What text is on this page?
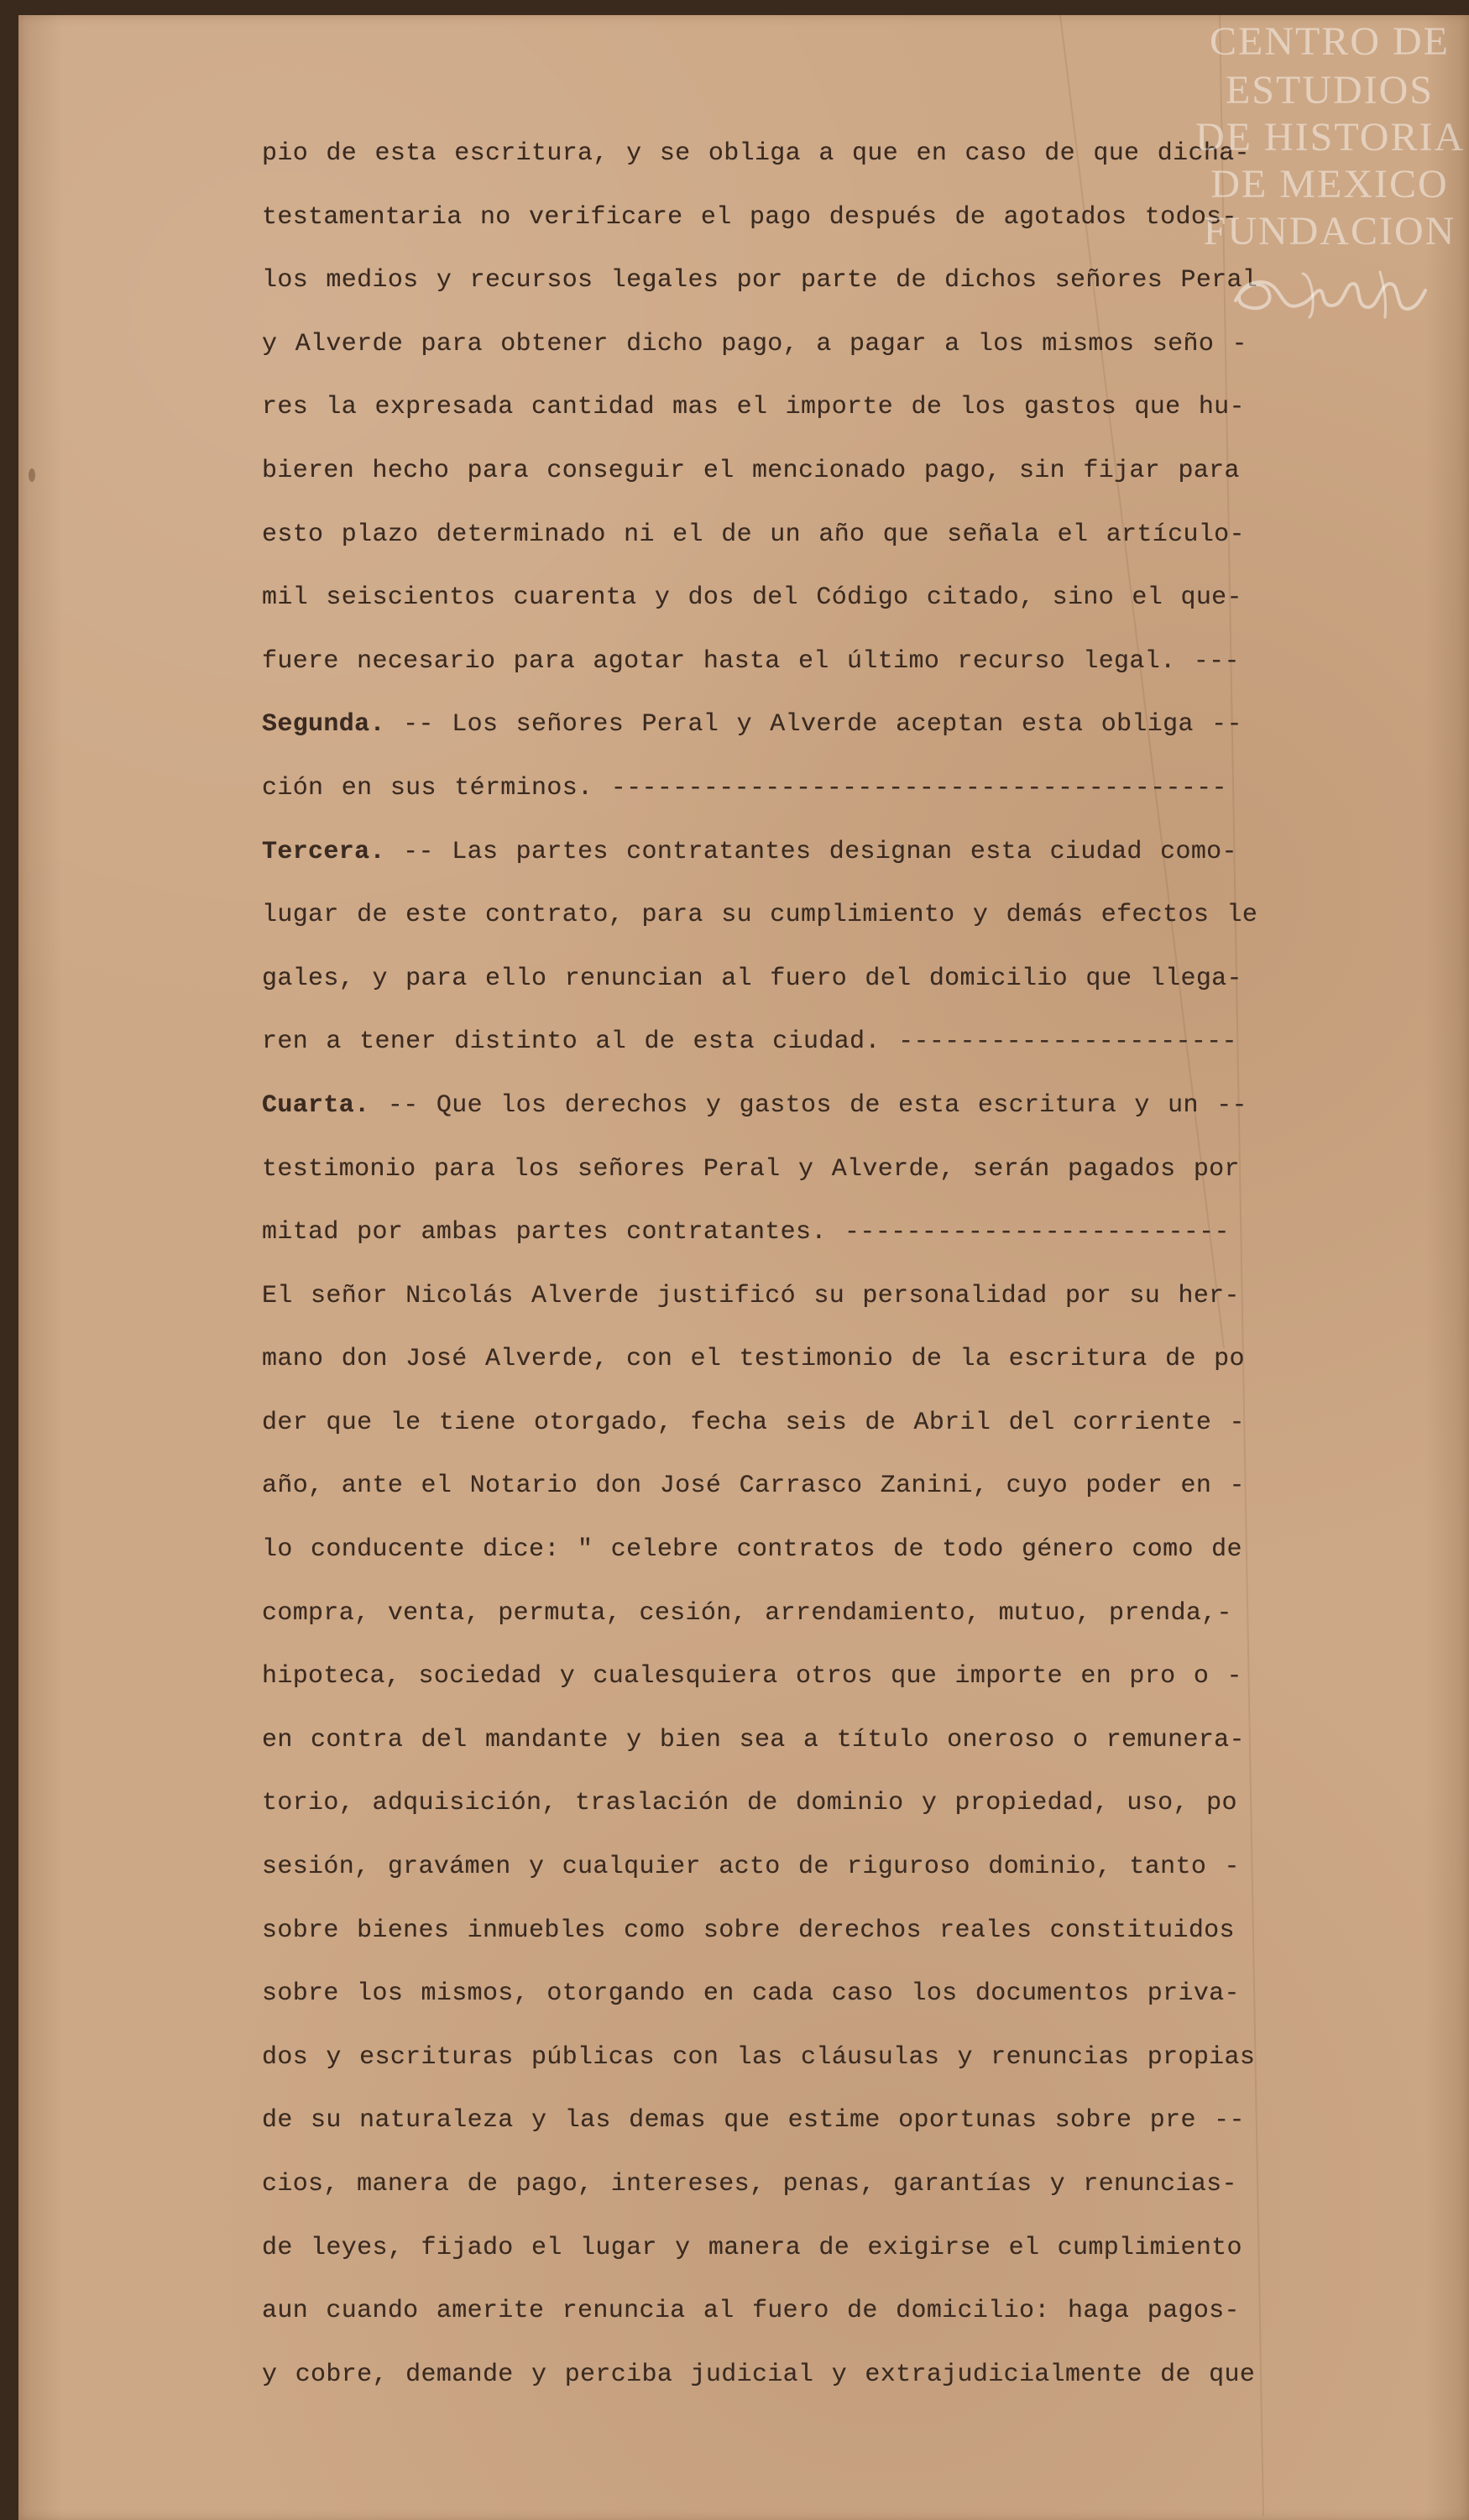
CENTRO DE
ESTUDIOS
DE HISTORIA
DE MEXICO
FUNDACION
pio de esta escritura, y se obliga a que en caso de que dicha-
testamentaria no verificare el pago después de agotados todos-
los medios y recursos legales por parte de dichos señores Peral
y Alverde para obtener dicho pago, a pagar a los mismos seño -
res la expresada cantidad mas el importe de los gastos que hu-
bieren hecho para conseguir el mencionado pago, sin fijar para
esto plazo determinado ni el de un año que señala el artículo-
mil seiscientos cuarenta y dos del Código citado, sino el que-
fuere necesario para agotar hasta el último recurso legal. ---
Segunda. -- Los señores Peral y Alverde aceptan esta obliga --
ción en sus términos. ----------------------------------------
Tercera. -- Las partes contratantes designan esta ciudad como-
lugar de este contrato, para su cumplimiento y demás efectos le
gales, y para ello renuncian al fuero del domicilio que llega-
ren a tener distinto al de esta ciudad. ----------------------
Cuarta. -- Que los derechos y gastos de esta escritura y un --
testimonio para los señores Peral y Alverde, serán pagados por
mitad por ambas partes contratantes. -------------------------
El señor Nicolás Alverde justificó su personalidad por su her-
mano don José Alverde, con el testimonio de la escritura de po
der que le tiene otorgado, fecha seis de Abril del corriente -
año, ante el Notario don José Carrasco Zanini, cuyo poder en -
lo conducente dice: " celebre contratos de todo género como de
compra, venta, permuta, cesión, arrendamiento, mutuo, prenda,-
hipoteca, sociedad y cualesquiera otros que importe en pro o -
en contra del mandante y bien sea a título oneroso o remunera-
torio, adquisición, traslación de dominio y propiedad, uso, po
sesión, gravámen y cualquier acto de riguroso dominio, tanto -
sobre bienes inmuebles como sobre derechos reales constituidos
sobre los mismos, otorgando en cada caso los documentos priva-
dos y escrituras públicas con las cláusulas y renuncias propias
de su naturaleza y las demas que estime oportunas sobre pre --
cios, manera de pago, intereses, penas, garantías y renuncias-
de leyes, fijado el lugar y manera de exigirse el cumplimiento
aun cuando amerite renuncia al fuero de domicilio: haga pagos-
y cobre, demande y perciba judicial y extrajudicialmente de que
